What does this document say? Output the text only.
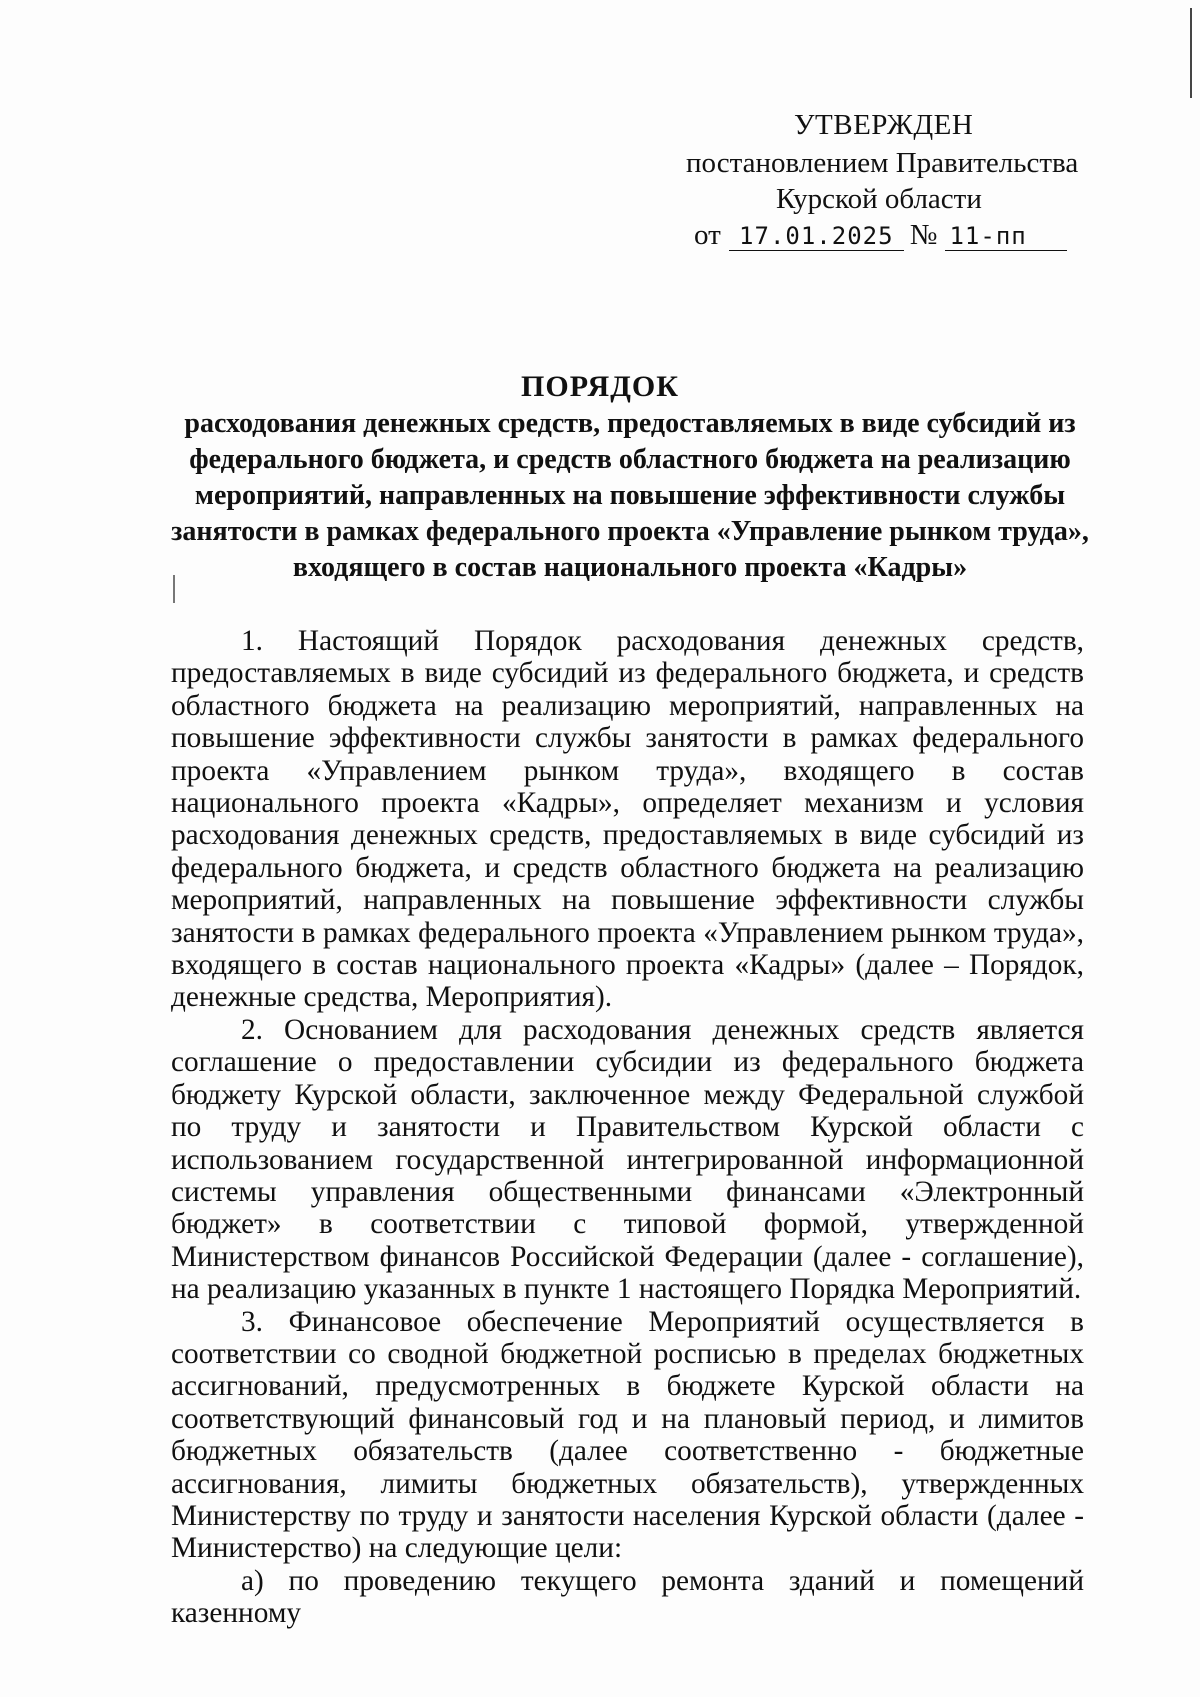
УТВЕРЖДЕН
постановлением Правительства
Курской области
от 17.01.2025 № 11-пп
ПОРЯДОК
расходования денежных средств, предоставляемых в виде субсидий из федерального бюджета, и средств областного бюджета на реализацию мероприятий, направленных на повышение эффективности службы занятости в рамках федерального проекта «Управление рынком труда», входящего в состав национального проекта «Кадры»

1. Настоящий Порядок расходования денежных средств, предоставляемых в виде субсидий из федерального бюджета, и средств областного бюджета на реализацию мероприятий, направленных на повышение эффективности службы занятости в рамках федерального проекта «Управлением рынком труда», входящего в состав национального проекта «Кадры», определяет механизм и условия расходования денежных средств, предоставляемых в виде субсидий из федерального бюджета, и средств областного бюджета на реализацию мероприятий, направленных на повышение эффективности службы занятости в рамках федерального проекта «Управлением рынком труда», входящего в состав национального проекта «Кадры» (далее – Порядок, денежные средства, Мероприятия).

2. Основанием для расходования денежных средств является соглашение о предоставлении субсидии из федерального бюджета бюджету Курской области, заключенное между Федеральной службой по труду и занятости и Правительством Курской области с использованием государственной интегрированной информационной системы управления общественными финансами «Электронный бюджет» в соответствии с типовой формой, утвержденной Министерством финансов Российской Федерации (далее - соглашение), на реализацию указанных в пункте 1 настоящего Порядка Мероприятий.

3. Финансовое обеспечение Мероприятий осуществляется в соответствии со сводной бюджетной росписью в пределах бюджетных ассигнований, предусмотренных в бюджете Курской области на соответствующий финансовый год и на плановый период, и лимитов бюджетных обязательств (далее соответственно - бюджетные ассигнования, лимиты бюджетных обязательств), утвержденных Министерству по труду и занятости населения Курской области (далее - Министерство) на следующие цели:

а) по проведению текущего ремонта зданий и помещений казенному
